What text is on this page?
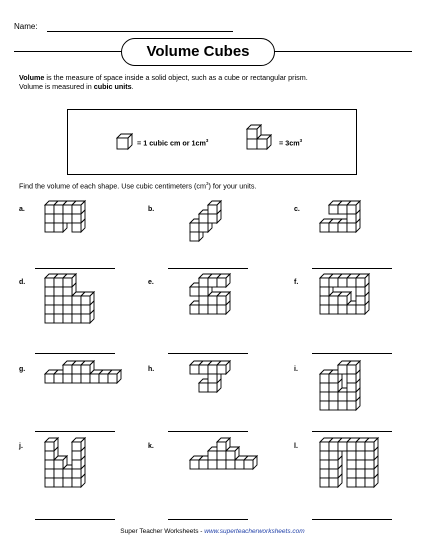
Name:
Volume Cubes
Volume is the measure of space inside a solid object, such as a cube or rectangular prism.
Volume is measured in cubic units.
= 1 cubic cm or $1cm^3$	= $3cm^3$
Find the volume of each shape. Use cubic centimeters $(cm^3)$ for your units.
a.	b.	c.
d.	e.	f.
g.	h.	i.
j.	k.	l.
Super Teacher Worksheets - www.superteacherworksheets.com
